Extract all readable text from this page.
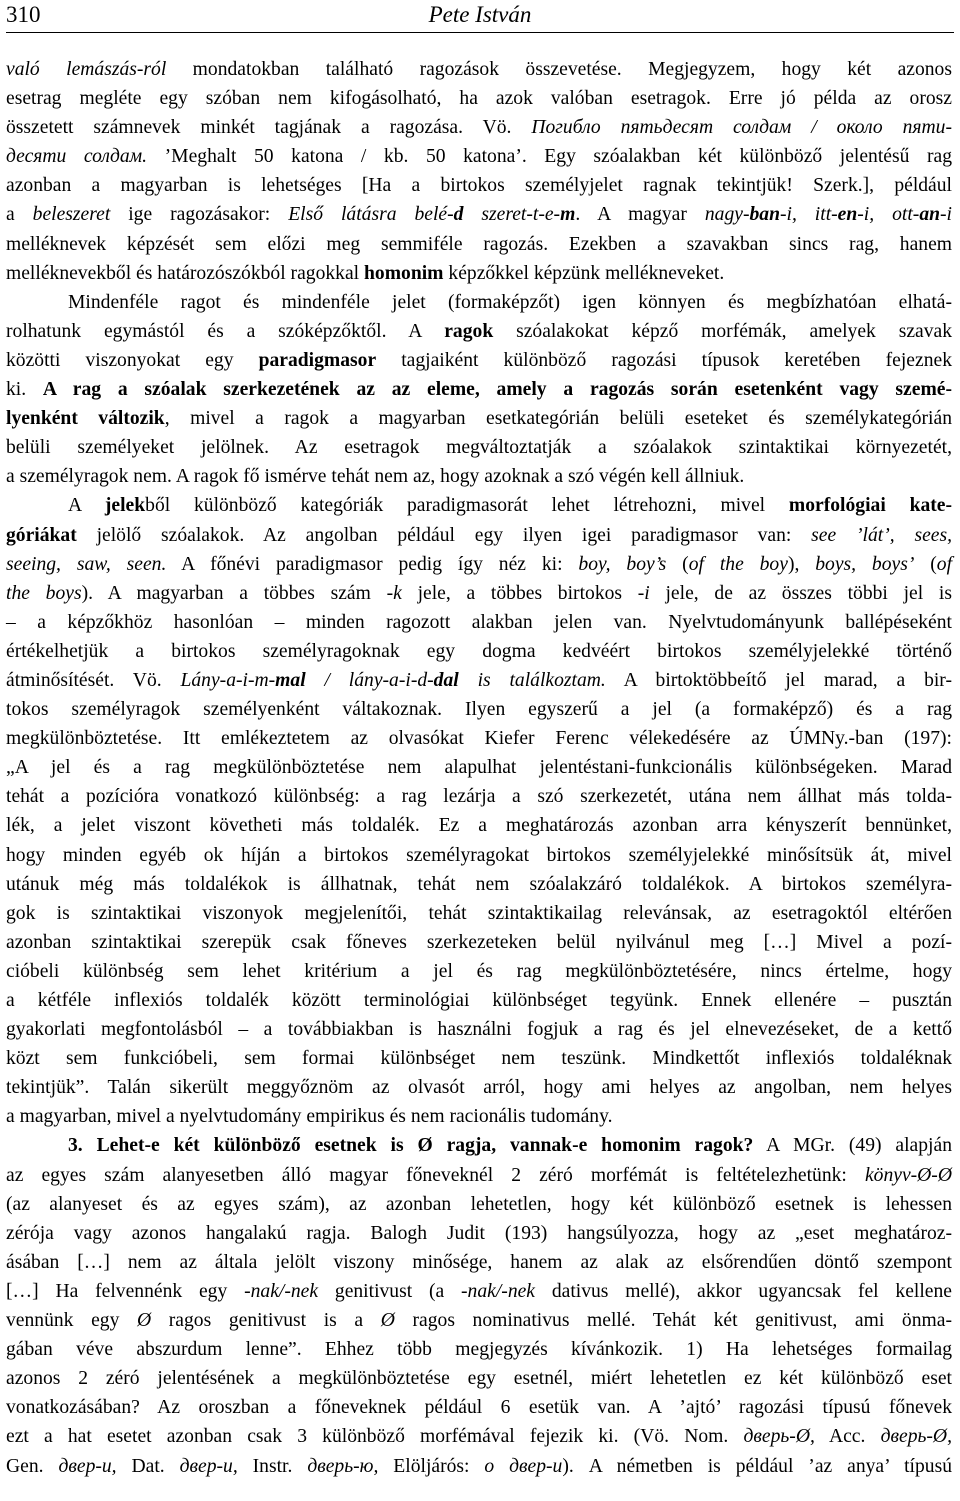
310	Pete István
való lemászás-ról mondatokban található ragozások összevetése. Megjegyzem, hogy két azonos
esetrag megléte egy szóban nem kifogásolható, ha azok valóban esetragok. Erre jó példa az orosz
összetett számnevek minkét tagjának a ragozása. Vö. Погибло пятьдесят солдам / около пяти-
десяти солдам. ’Meghalt 50 katona / kb. 50 katona’. Egy szóalakban két különböző jelentésű rag
azonban a magyarban is lehetséges [Ha a birtokos személyjelet ragnak tekintjük! Szerk.], például
a beleszeret ige ragozásakor: Első látásra belé-d szeret-t-e-m. A magyar nagy-ban-i, itt-en-i, ott-an-i
melléknevek képzését sem előzi meg semmiféle ragozás. Ezekben a szavakban sincs rag, hanem
melléknevekből és határozószókból ragokkal homonim képzőkkel képzünk mellékneveket.
Mindenféle ragot és mindenféle jelet (formaképzőt) igen könnyen és megbízhatóan elhatá-
rolhatunk egymástól és a szóképzőktől. A ragok szóalakokat képző morfémák, amelyek szavak
közötti viszonyokat egy paradigmasor tagjaiként különböző ragozási típusok keretében fejeznek
ki. A rag a szóalak szerkezetének az az eleme, amely a ragozás során esetenként vagy szemé-
lyenként változik, mivel a ragok a magyarban esetkategórián belüli eseteket és személykategórián
belüli személyeket jelölnek. Az esetragok megváltoztatják a szóalakok szintaktikai környezetét,
a személyragok nem. A ragok fő ismérve tehát nem az, hogy azoknak a szó végén kell állniuk.
A jelekből különböző kategóriák paradigmasorát lehet létrehozni, mivel morfológiai kate-
góriákat jelölő szóalakok. Az angolban például egy ilyen igei paradigmasor van: see ’lát’, sees,
seeing, saw, seen. A főnévi paradigmasor pedig így néz ki: boy, boy’s (of the boy), boys, boys’ (of
the boys). A magyarban a többes szám -k jele, a többes birtokos -i jele, de az összes többi jel is
– a képzőkhöz hasonlóan – minden ragozott alakban jelen van. Nyelvtudományunk ballépéseként
értékelhetjük a birtokos személyragoknak egy dogma kedvéért birtokos személyjelekké történő
átminősítését. Vö. Lány-a-i-m-mal / lány-a-i-d-dal is találkoztam. A birtoktöbbeítő jel marad, a bir-
tokos személyragok személyenként váltakoznak. Ilyen egyszerű a jel (a formaképző) és a rag
megkülönböztetése. Itt emlékeztetem az olvasókat Kiefer Ferenc vélekedésére az ÚMNy.-ban (197):
„A jel és a rag megkülönböztetése nem alapulhat jelentéstani-funkcionális különbségeken. Marad
tehát a pozícióra vonatkozó különbség: a rag lezárja a szó szerkezetét, utána nem állhat más tolda-
lék, a jelet viszont követheti más toldalék. Ez a meghatározás azonban arra kényszerít bennünket,
hogy minden egyéb ok híján a birtokos személyragokat birtokos személyjelekké minősítsük át, mivel
utánuk még más toldalékok is állhatnak, tehát nem szóalakzáró toldalékok. A birtokos személyra-
gok is szintaktikai viszonyok megjelenítői, tehát szintaktikailag relevánsak, az esetragoktól eltérően
azonban szintaktikai szerepük csak főneves szerkezeteken belül nyilvánul meg […] Mivel a pozí-
cióbeli különbség sem lehet kritérium a jel és rag megkülönböztetésére, nincs értelme, hogy
a kétféle inflexiós toldalék között terminológiai különbséget tegyünk. Ennek ellenére – pusztán
gyakorlati megfontolásból – a továbbiakban is használni fogjuk a rag és jel elnevezéseket, de a kettő
közt sem funkcióbeli, sem formai különbséget nem teszünk. Mindkettőt inflexiós toldaléknak
tekintjük”. Talán sikerült meggyőznöm az olvasót arról, hogy ami helyes az angolban, nem helyes
a magyarban, mivel a nyelvtudomány empirikus és nem racionális tudomány.
3. Lehet-e két különböző esetnek is Ø ragja, vannak-e homonim ragok? A MGr. (49) alapján
az egyes szám alanyesetben álló magyar főneveknél 2 zéró morfémát is feltételezhetünk: könyv-Ø-Ø
(az alanyeset és az egyes szám), az azonban lehetetlen, hogy két különböző esetnek is lehessen
zérója vagy azonos hangalakú ragja. Balogh Judit (193) hangsúlyozza, hogy az „eset meghatároz-
ásában […] nem az általa jelölt viszony minősége, hanem az alak az elsőrendűen döntő szempont
[…] Ha felvennénk egy -nak/-nek genitivust (a -nak/-nek dativus mellé), akkor ugyancsak fel kellene
vennünk egy Ø ragos genitivust is a Ø ragos nominativus mellé. Tehát két genitivust, ami önma-
gában véve abszurdum lenne”. Ehhez több megjegyzés kívánkozik. 1) Ha lehetséges formailag
azonos 2 zéró jelentésének a megkülönböztetése egy esetnél, miért lehetetlen ez két különböző eset
vonatkozásában? Az oroszban a főneveknek például 6 esetük van. A ’ajtó’ ragozási típusú főnevek
ezt a hat esetet azonban csak 3 különböző morfémával fejezik ki. (Vö. Nom. дверь-Ø, Acc. дверь-Ø,
Gen. двер-и, Dat. двер-и, Instr. дверь-ю, Elöljárós: о двер-и). A németben is például ’az anya’ típusú
